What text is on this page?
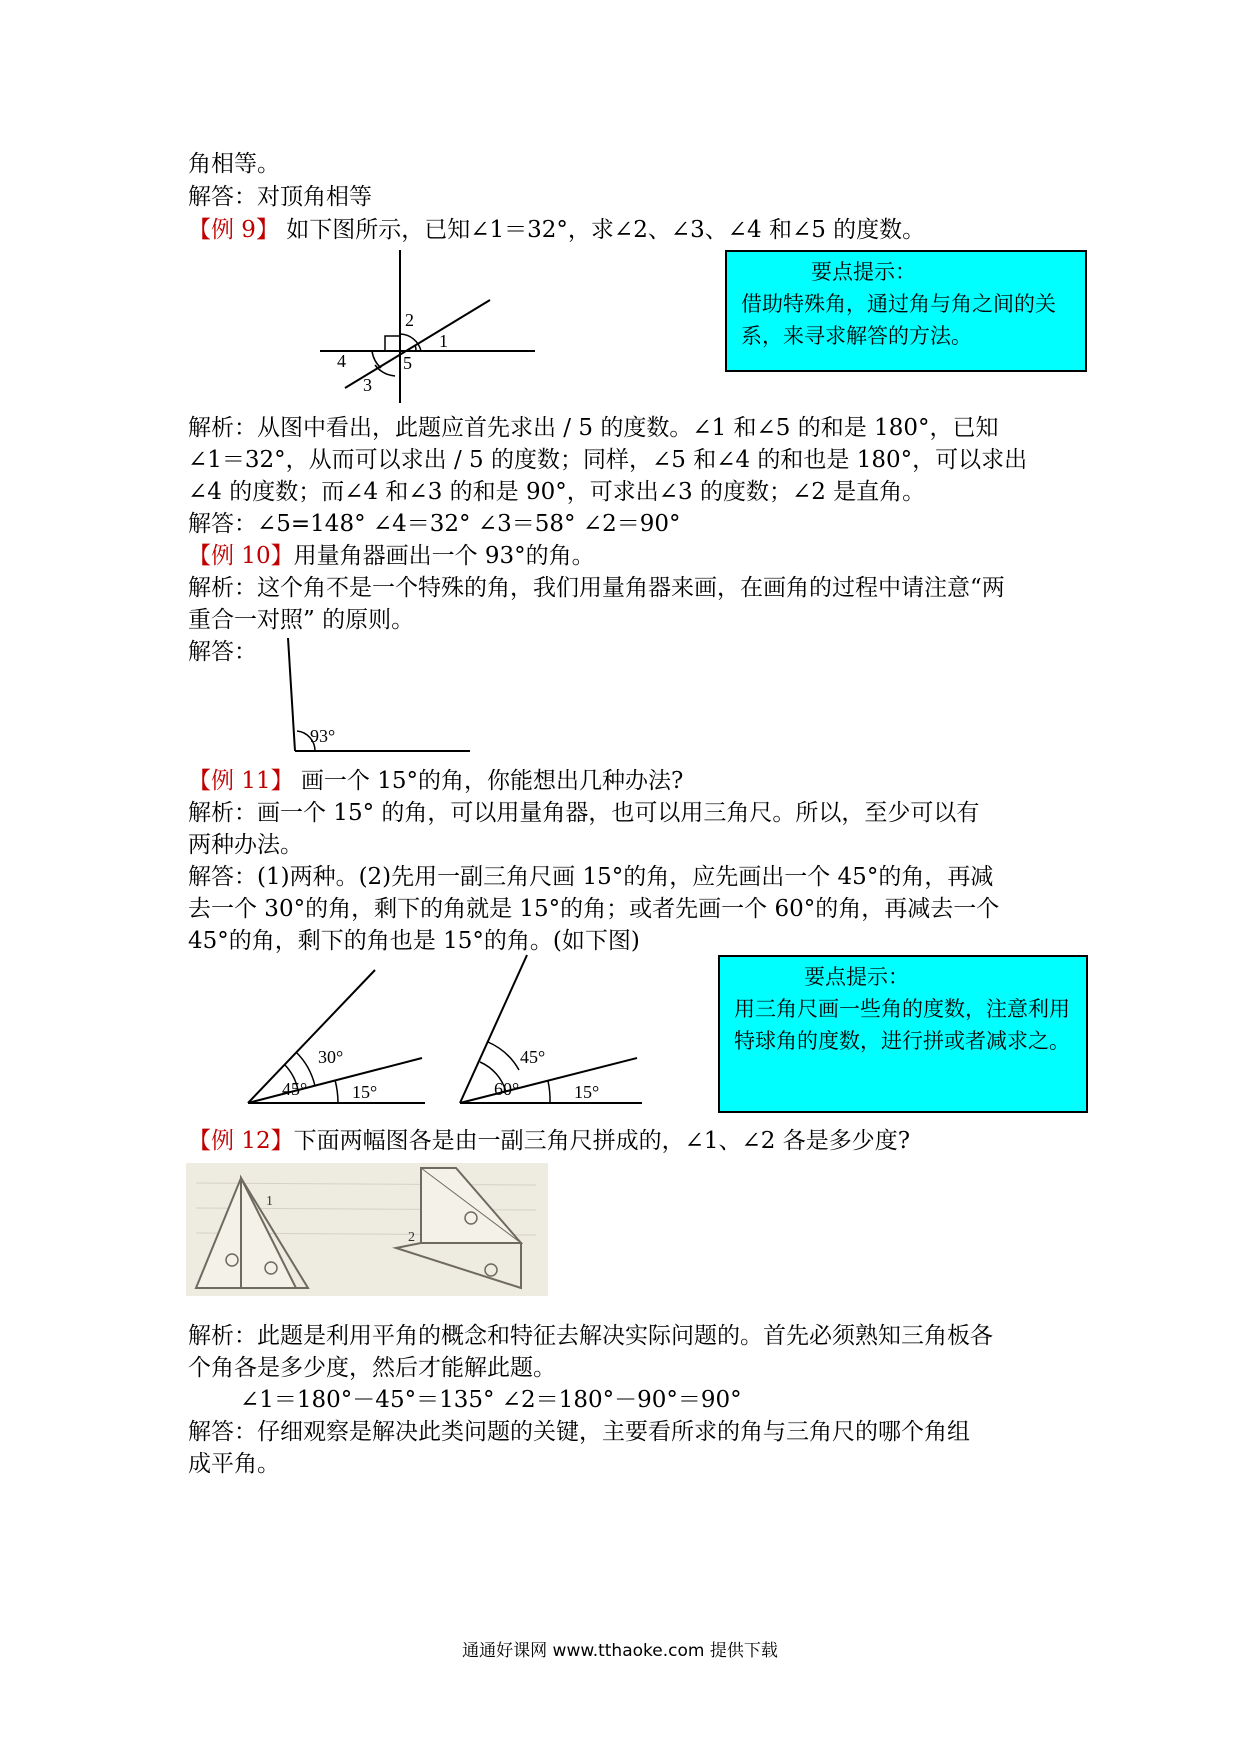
角相等。
解答：对顶角相等
【例 9】 如下图所示，已知∠1＝32°，求∠2、∠3、∠4 和∠5 的度数。
要点提示：
借助特殊角，通过角与角之间的关系，来寻求解答的方法。
1
2
3
4	5
解析：从图中看出，此题应首先求出 / 5 的度数。∠1 和∠5 的和是 180°，已知
∠1＝32°，从而可以求出 / 5 的度数；同样，∠5 和∠4 的和也是 180°，可以求出
∠4 的度数；而∠4 和∠3 的和是 90°，可求出∠3 的度数；∠2 是直角。
解答：∠5=148° ∠4＝32° ∠3＝58° ∠2＝90°
【例 10】用量角器画出一个 93°的角。
解析：这个角不是一个特殊的角，我们用量角器来画，在画角的过程中请注意“两
重合一对照” 的原则。
解答：
93°
【例 11】 画一个 15°的角，你能想出几种办法?
解析：画一个 15° 的角，可以用量角器，也可以用三角尺。所以，至少可以有
两种办法。
解答：(1)两种。(2)先用一副三角尺画 15°的角，应先画出一个 45°的角，再减
去一个 30°的角，剩下的角就是 15°的角；或者先画一个 60°的角，再减去一个
45°的角，剩下的角也是 15°的角。(如下图)
要点提示：
用三角尺画一些角的度数，注意利用特球角的度数，进行拼或者减求之。
30°
45° 15°
45°
60°	15°
【例 12】下面两幅图各是由一副三角尺拼成的，∠1、∠2 各是多少度?
1
2
解析：此题是利用平角的概念和特征去解决实际问题的。首先必须熟知三角板各
个角各是多少度，然后才能解此题。
∠1＝180°－45°＝135° ∠2＝180°－90°＝90°
解答：仔细观察是解决此类问题的关键，主要看所求的角与三角尺的哪个角组
成平角。
通通好课网 www.tthaoke.com 提供下载
